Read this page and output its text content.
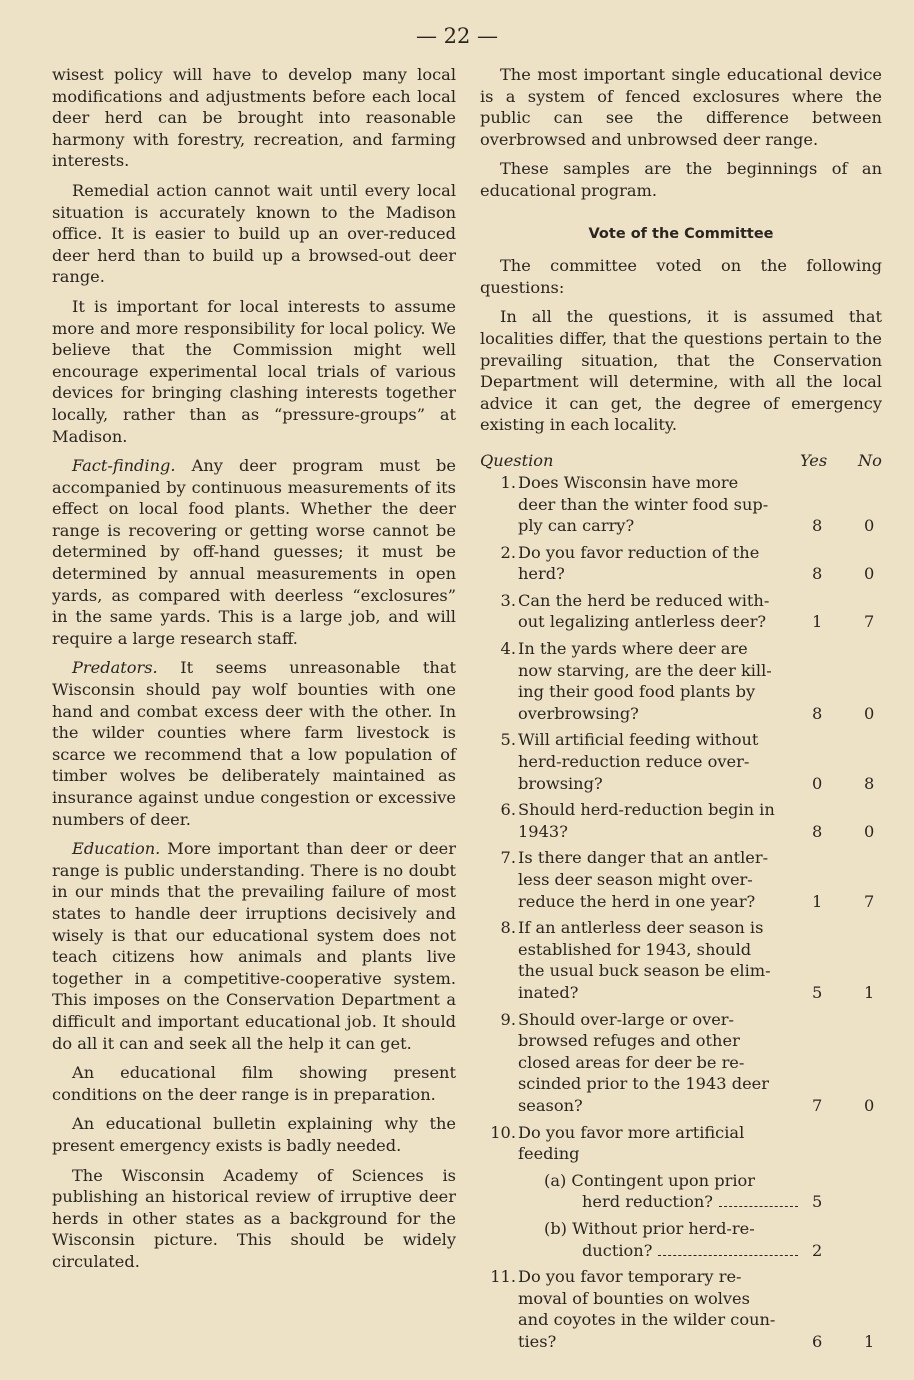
— 22 —

wisest policy will have to develop many local modifications and adjustments before each local deer herd can be brought into reasonable harmony with forestry, recreation, and farming interests.

Remedial action cannot wait until every local situation is accurately known to the Madison office. It is easier to build up an over-reduced deer herd than to build up a browsed-out deer range.

It is important for local interests to assume more and more responsibility for local policy. We believe that the Commission might well encourage experimental local trials of various devices for bringing clashing interests together locally, rather than as “pressure-groups” at Madison.

Fact-finding. Any deer program must be accompanied by continuous measurements of its effect on local food plants. Whether the deer range is recovering or getting worse cannot be determined by off-hand guesses; it must be determined by annual measurements in open yards, as compared with deerless “exclosures” in the same yards. This is a large job, and will require a large research staff.

Predators. It seems unreasonable that Wisconsin should pay wolf bounties with one hand and combat excess deer with the other. In the wilder counties where farm livestock is scarce we recommend that a low population of timber wolves be deliberately maintained as insurance against undue congestion or excessive numbers of deer.

Education. More important than deer or deer range is public understanding. There is no doubt in our minds that the prevailing failure of most states to handle deer irruptions decisively and wisely is that our educational system does not teach citizens how animals and plants live together in a competitive-cooperative system. This imposes on the Conservation Department a difficult and important educational job. It should do all it can and seek all the help it can get.

An educational film showing present conditions on the deer range is in preparation.

An educational bulletin explaining why the present emergency exists is badly needed.

The Wisconsin Academy of Sciences is publishing an historical review of irruptive deer herds in other states as a background for the Wisconsin picture. This should be widely circulated.

The most important single educational device is a system of fenced exclosures where the public can see the difference between overbrowsed and unbrowsed deer range.

These samples are the beginnings of an educational program.

Vote of the Committee

The committee voted on the following questions:

In all the questions, it is assumed that localities differ, that the questions pertain to the prevailing situation, that the Conservation Department will determine, with all the local advice it can get, the degree of emergency existing in each locality.

Question	Yes No
1. Does Wisconsin have more
deer than the winter food sup-
ply can carry?	8	0
2. Do you favor reduction of the
herd?	8	0
3. Can the herd be reduced with-
out legalizing antlerless deer?	1	7
4. In the yards where deer are
now starving, are the deer kill-
ing their good food plants by
overbrowsing?	8	0
5. Will artificial feeding without
herd-reduction reduce over-
browsing?	0	8
6. Should herd-reduction begin in
1943?	8	0
7. Is there danger that an antler-
less deer season might over-
reduce the herd in one year?	1	7
8. If an antlerless deer season is
established for 1943, should
the usual buck season be elim-
inated?	5	1
9. Should over-large or over-
browsed refuges and other
closed areas for deer be re-
scinded prior to the 1943 deer
season?	7	0
10. Do you favor more artificial
feeding
(a) Contingent upon prior
herd reduction?	5
(b) Without prior herd-re-
duction?	2
11. Do you favor temporary re-
moval of bounties on wolves
and coyotes in the wilder coun-
ties?	6	1
